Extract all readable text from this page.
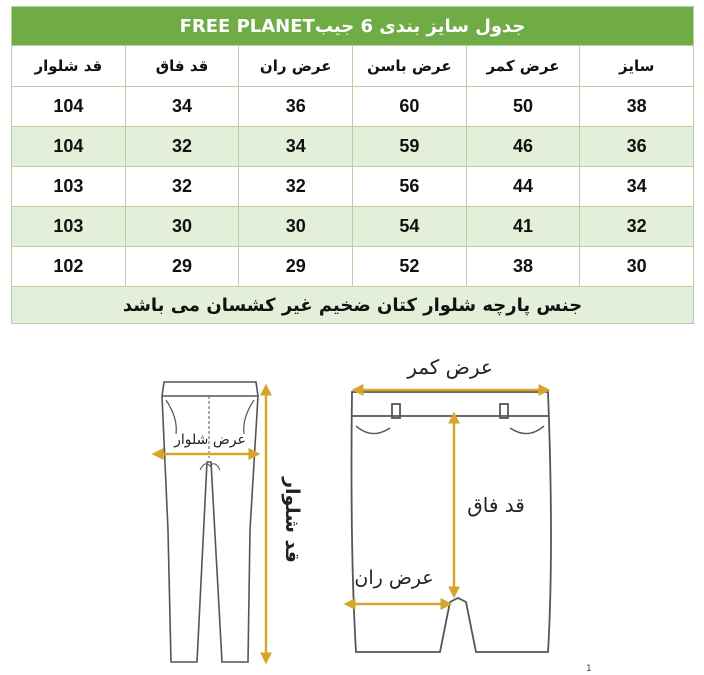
جدول سایز بندی 6 جیبFREE PLANET					
سایز	عرض کمر	عرض باسن	عرض ران	قد فاق	قد شلوار
38	50	60	36	34	104
36	46	59	34	32	104
34	44	56	32	32	103
32	41	54	30	30	103
30	38	52	29	29	102
جنس پارچه شلوار کتان ضخیم غیر کشسان می باشد					
عرض شلوار
قد شلوار
عرض کمر
قد فاق
عرض ران
1
